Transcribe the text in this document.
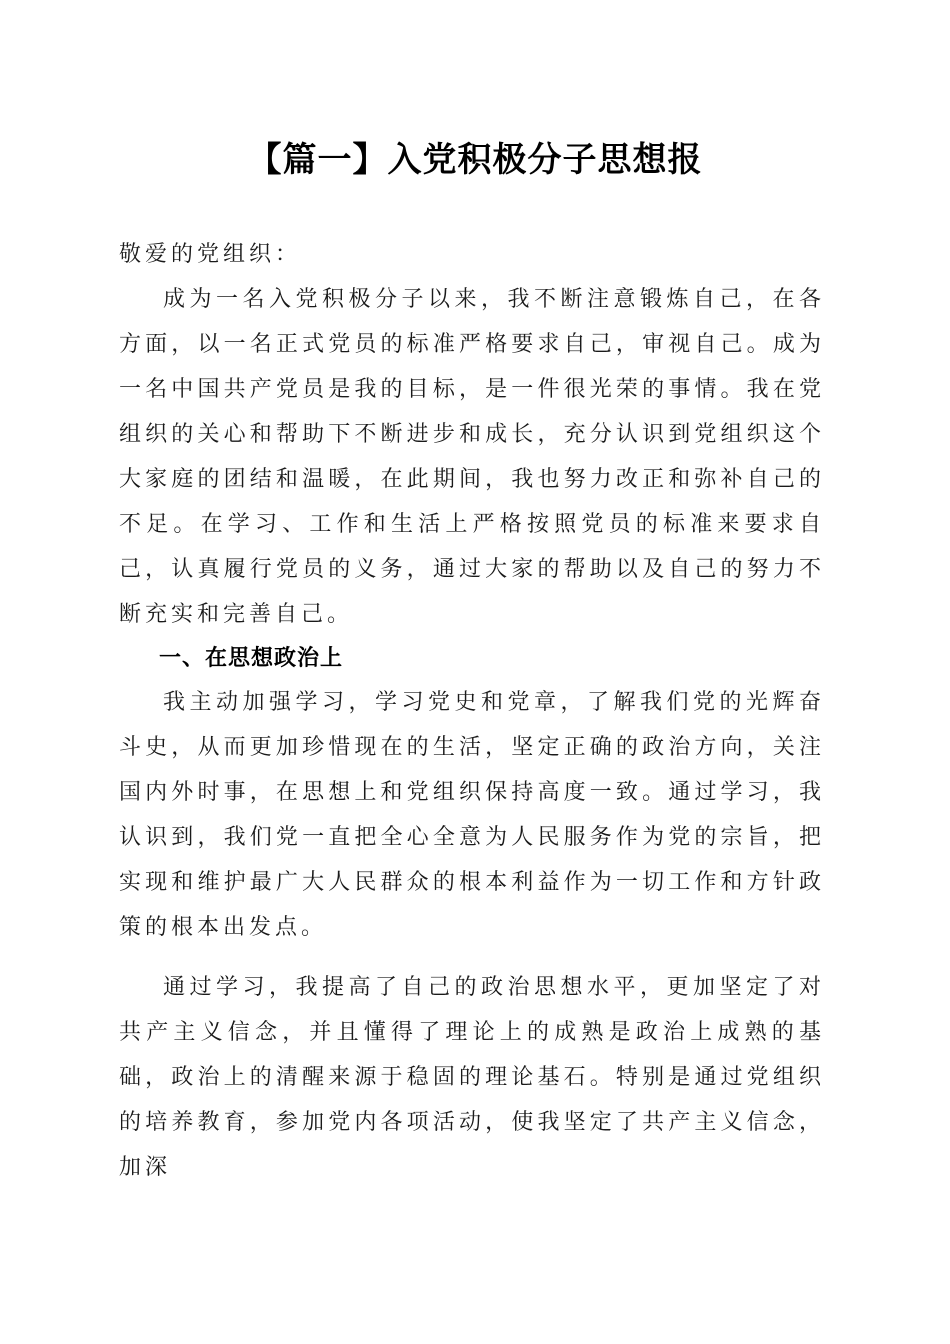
【篇一】入党积极分子思想报

敬爱的党组织：

成为一名入党积极分子以来，我不断注意锻炼自己，在各方面，以一名正式党员的标准严格要求自己，审视自己。成为一名中国共产党员是我的目标，是一件很光荣的事情。我在党组织的关心和帮助下不断进步和成长，充分认识到党组织这个大家庭的团结和温暖，在此期间，我也努力改正和弥补自己的不足。在学习、工作和生活上严格按照党员的标准来要求自己，认真履行党员的义务，通过大家的帮助以及自己的努力不断充实和完善自己。

一、在思想政治上

我主动加强学习，学习党史和党章，了解我们党的光辉奋斗史，从而更加珍惜现在的生活，坚定正确的政治方向，关注国内外时事，在思想上和党组织保持高度一致。通过学习，我认识到，我们党一直把全心全意为人民服务作为党的宗旨，把实现和维护最广大人民群众的根本利益作为一切工作和方针政策的根本出发点。

通过学习，我提高了自己的政治思想水平，更加坚定了对共产主义信念，并且懂得了理论上的成熟是政治上成熟的基础，政治上的清醒来源于稳固的理论基石。特别是通过党组织的培养教育，参加党内各项活动，使我坚定了共产主义信念，加深
